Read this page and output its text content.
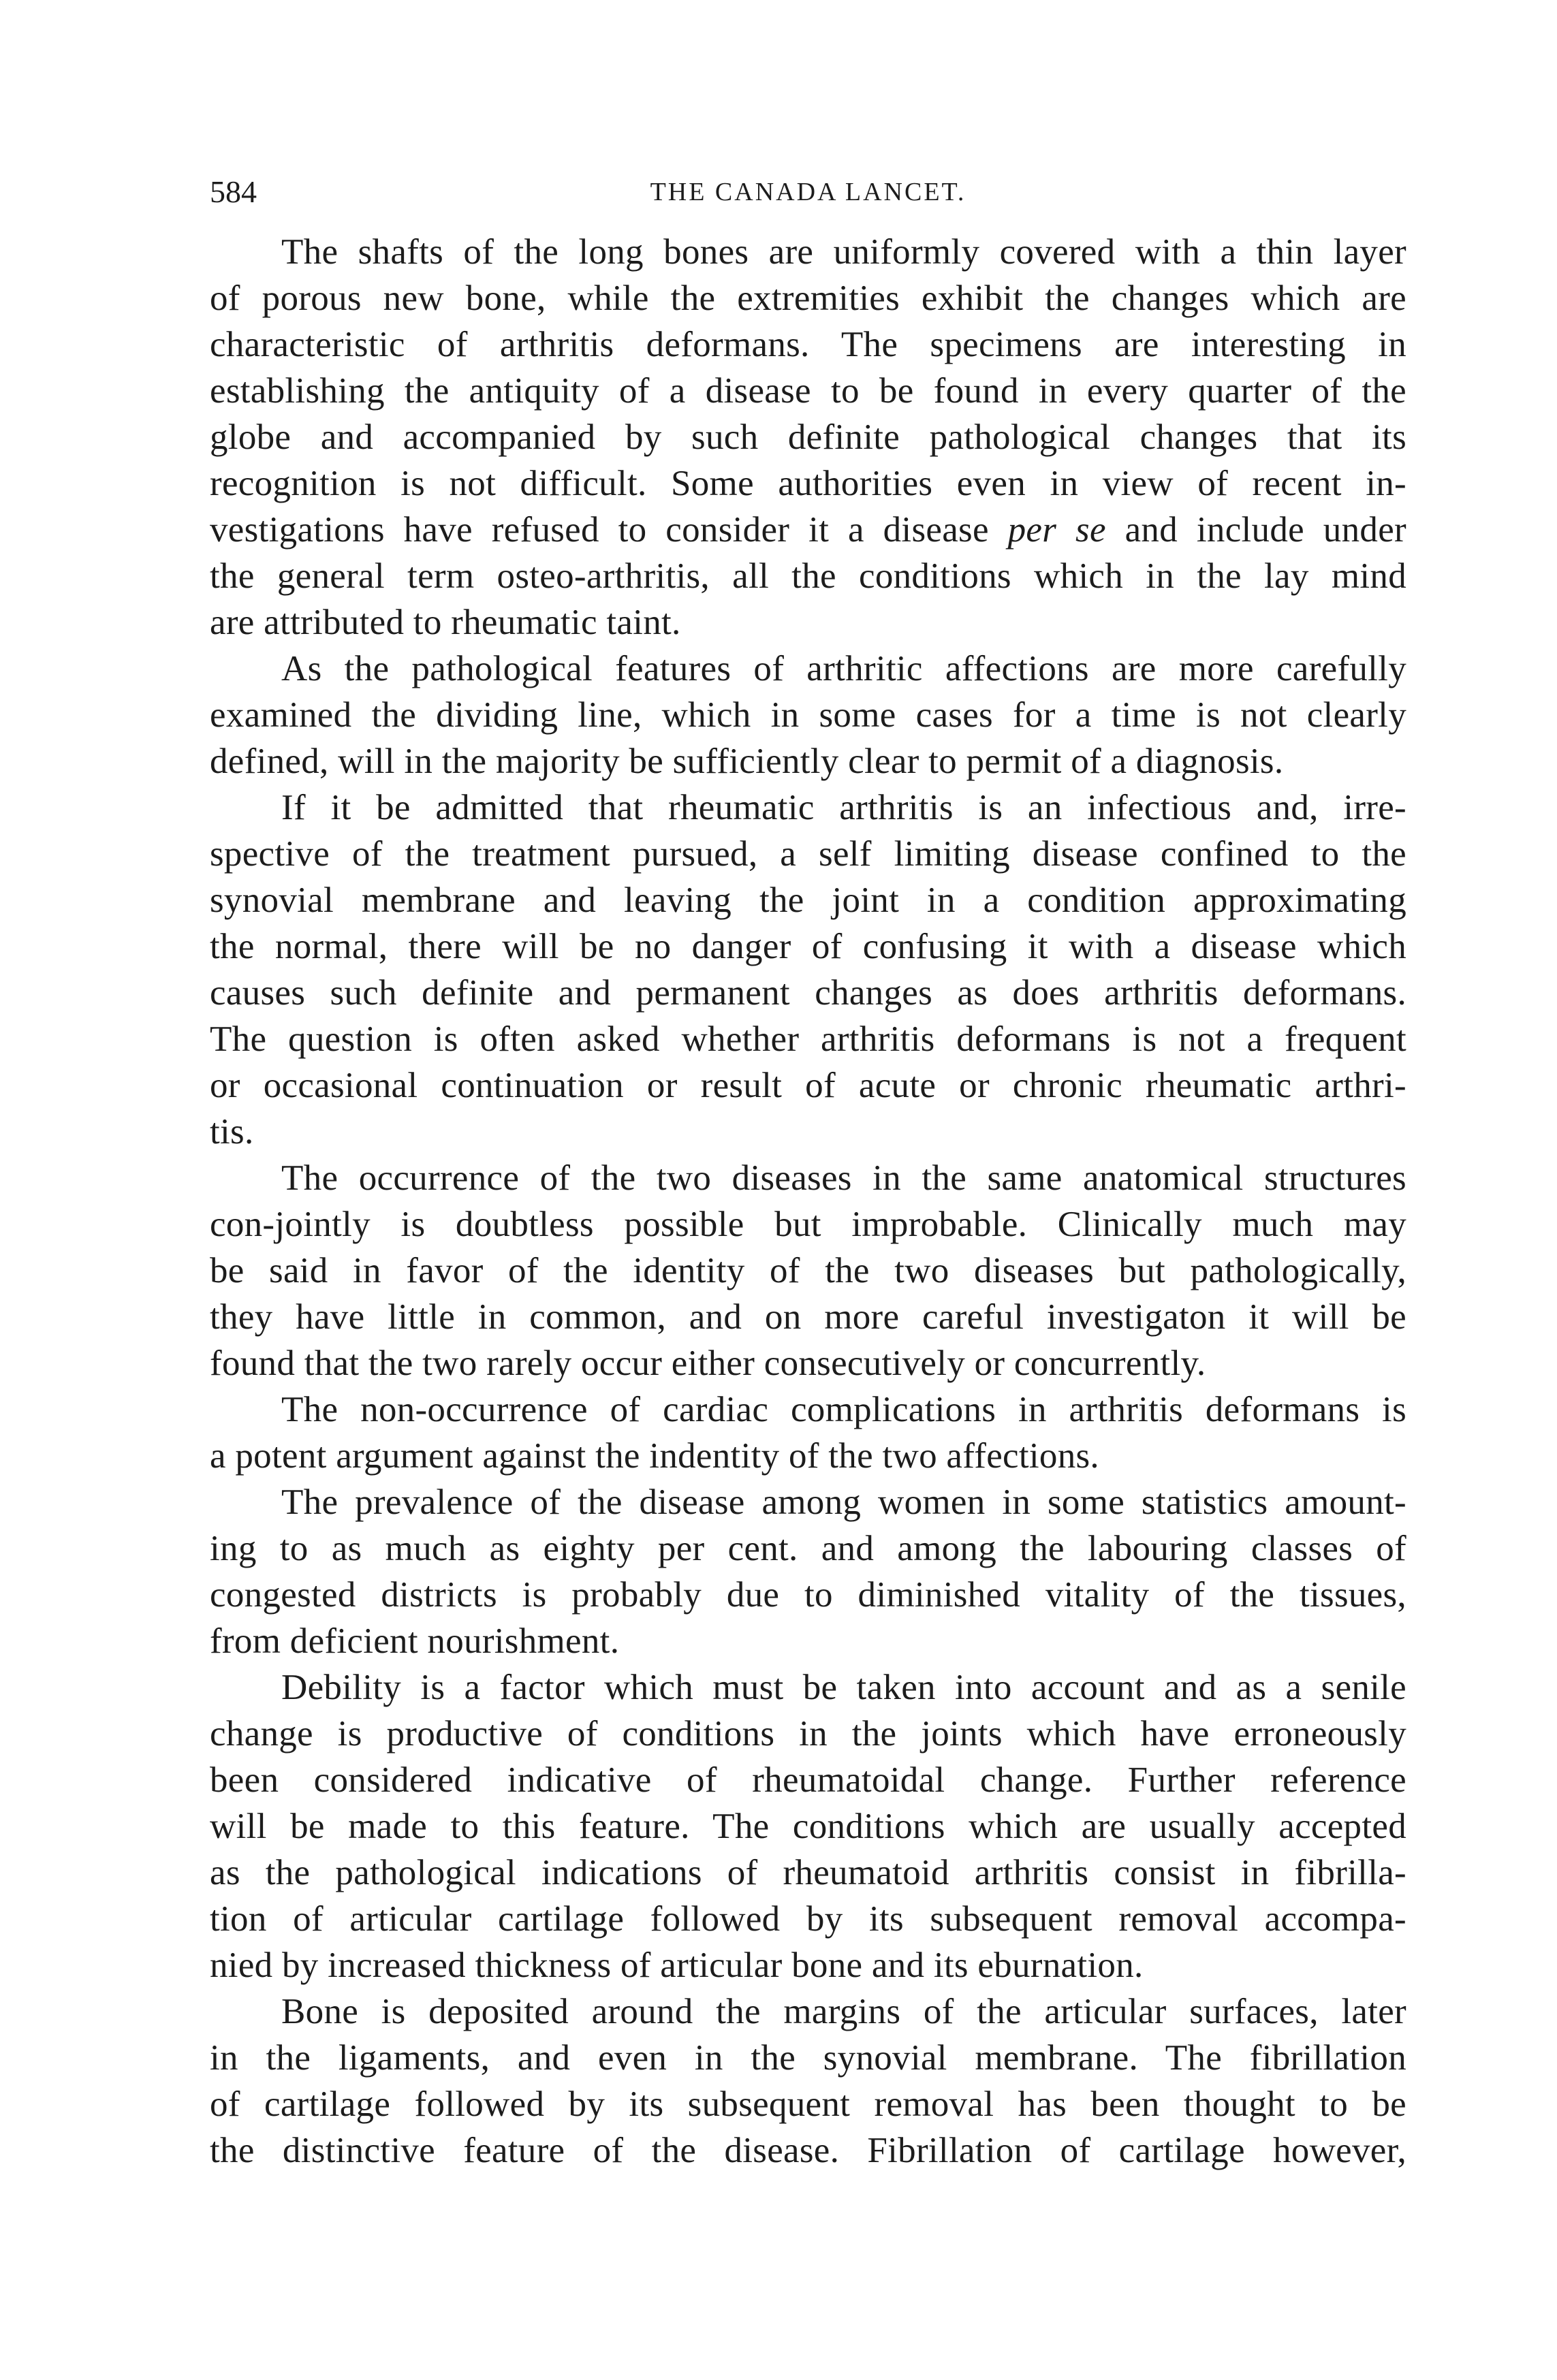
584	THE CANADA LANCET.
The shafts of the long bones are uniformly covered with a thin layer
of porous new bone, while the extremities exhibit the changes which are
characteristic of arthritis deformans. The specimens are interesting in
establishing the antiquity of a disease to be found in every quarter of the
globe and accompanied by such definite pathological changes that its
recognition is not difficult. Some authorities even in view of recent in-
vestigations have refused to consider it a disease per se and include under
the general term osteo-arthritis, all the conditions which in the lay mind
are attributed to rheumatic taint.
As the pathological features of arthritic affections are more carefully
examined the dividing line, which in some cases for a time is not clearly
defined, will in the majority be sufficiently clear to permit of a diagnosis.
If it be admitted that rheumatic arthritis is an infectious and, irre-
spective of the treatment pursued, a self limiting disease confined to the
synovial membrane and leaving the joint in a condition approximating
the normal, there will be no danger of confusing it with a disease which
causes such definite and permanent changes as does arthritis deformans.
The question is often asked whether arthritis deformans is not a frequent
or occasional continuation or result of acute or chronic rheumatic arthri-
tis.
The occurrence of the two diseases in the same anatomical structures
con-jointly is doubtless possible but improbable. Clinically much may
be said in favor of the identity of the two diseases but pathologically,
they have little in common, and on more careful investigaton it will be
found that the two rarely occur either consecutively or concurrently.
The non-occurrence of cardiac complications in arthritis deformans is
a potent argument against the indentity of the two affections.
The prevalence of the disease among women in some statistics amount-
ing to as much as eighty per cent. and among the labouring classes of
congested districts is probably due to diminished vitality of the tissues,
from deficient nourishment.
Debility is a factor which must be taken into account and as a senile
change is productive of conditions in the joints which have erroneously
been considered indicative of rheumatoidal change. Further reference
will be made to this feature. The conditions which are usually accepted
as the pathological indications of rheumatoid arthritis consist in fibrilla-
tion of articular cartilage followed by its subsequent removal accompa-
nied by increased thickness of articular bone and its eburnation.
Bone is deposited around the margins of the articular surfaces, later
in the ligaments, and even in the synovial membrane. The fibrillation
of cartilage followed by its subsequent removal has been thought to be
the distinctive feature of the disease. Fibrillation of cartilage however,
